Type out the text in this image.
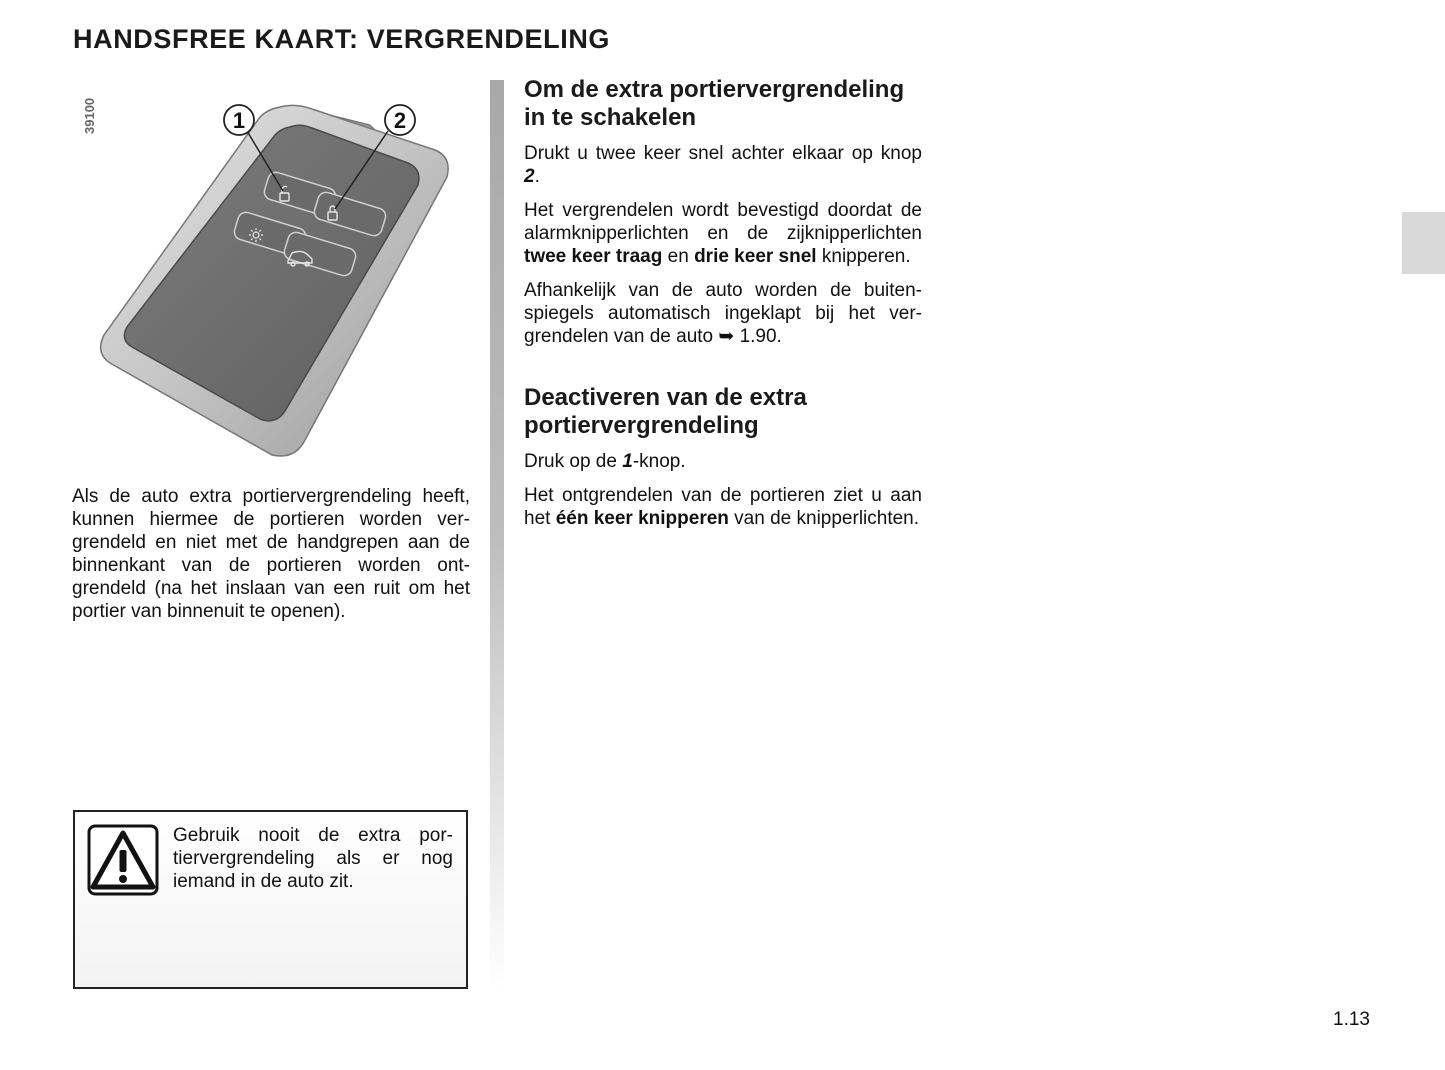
HANDSFREE KAART: VERGRENDELING
39100	1	2

Als de auto extra portiervergrendeling heeft, kunnen hiermee de portieren worden vergrendeld en niet met de handgrepen aan de binnenkant van de portieren worden ontgrendeld (na het inslaan van een ruit om het portier van binnenuit te openen).

Gebruik nooit de extra portiervergrendeling als er nog iemand in de auto zit.

Om de extra portiervergrendeling in te schakelen

Drukt u twee keer snel achter elkaar op knop 2.

Het vergrendelen wordt bevestigd doordat de alarmknipperlichten en de zijknipperlichten twee keer traag en drie keer snel knipperen.

Afhankelijk van de auto worden de buitenspiegels automatisch ingeklapt bij het vergrendelen van de auto ➥ 1.90.

Deactiveren van de extra portiervergrendeling

Druk op de 1-knop.

Het ontgrendelen van de portieren ziet u aan het één keer knipperen van de knipperlichten.

1.13
